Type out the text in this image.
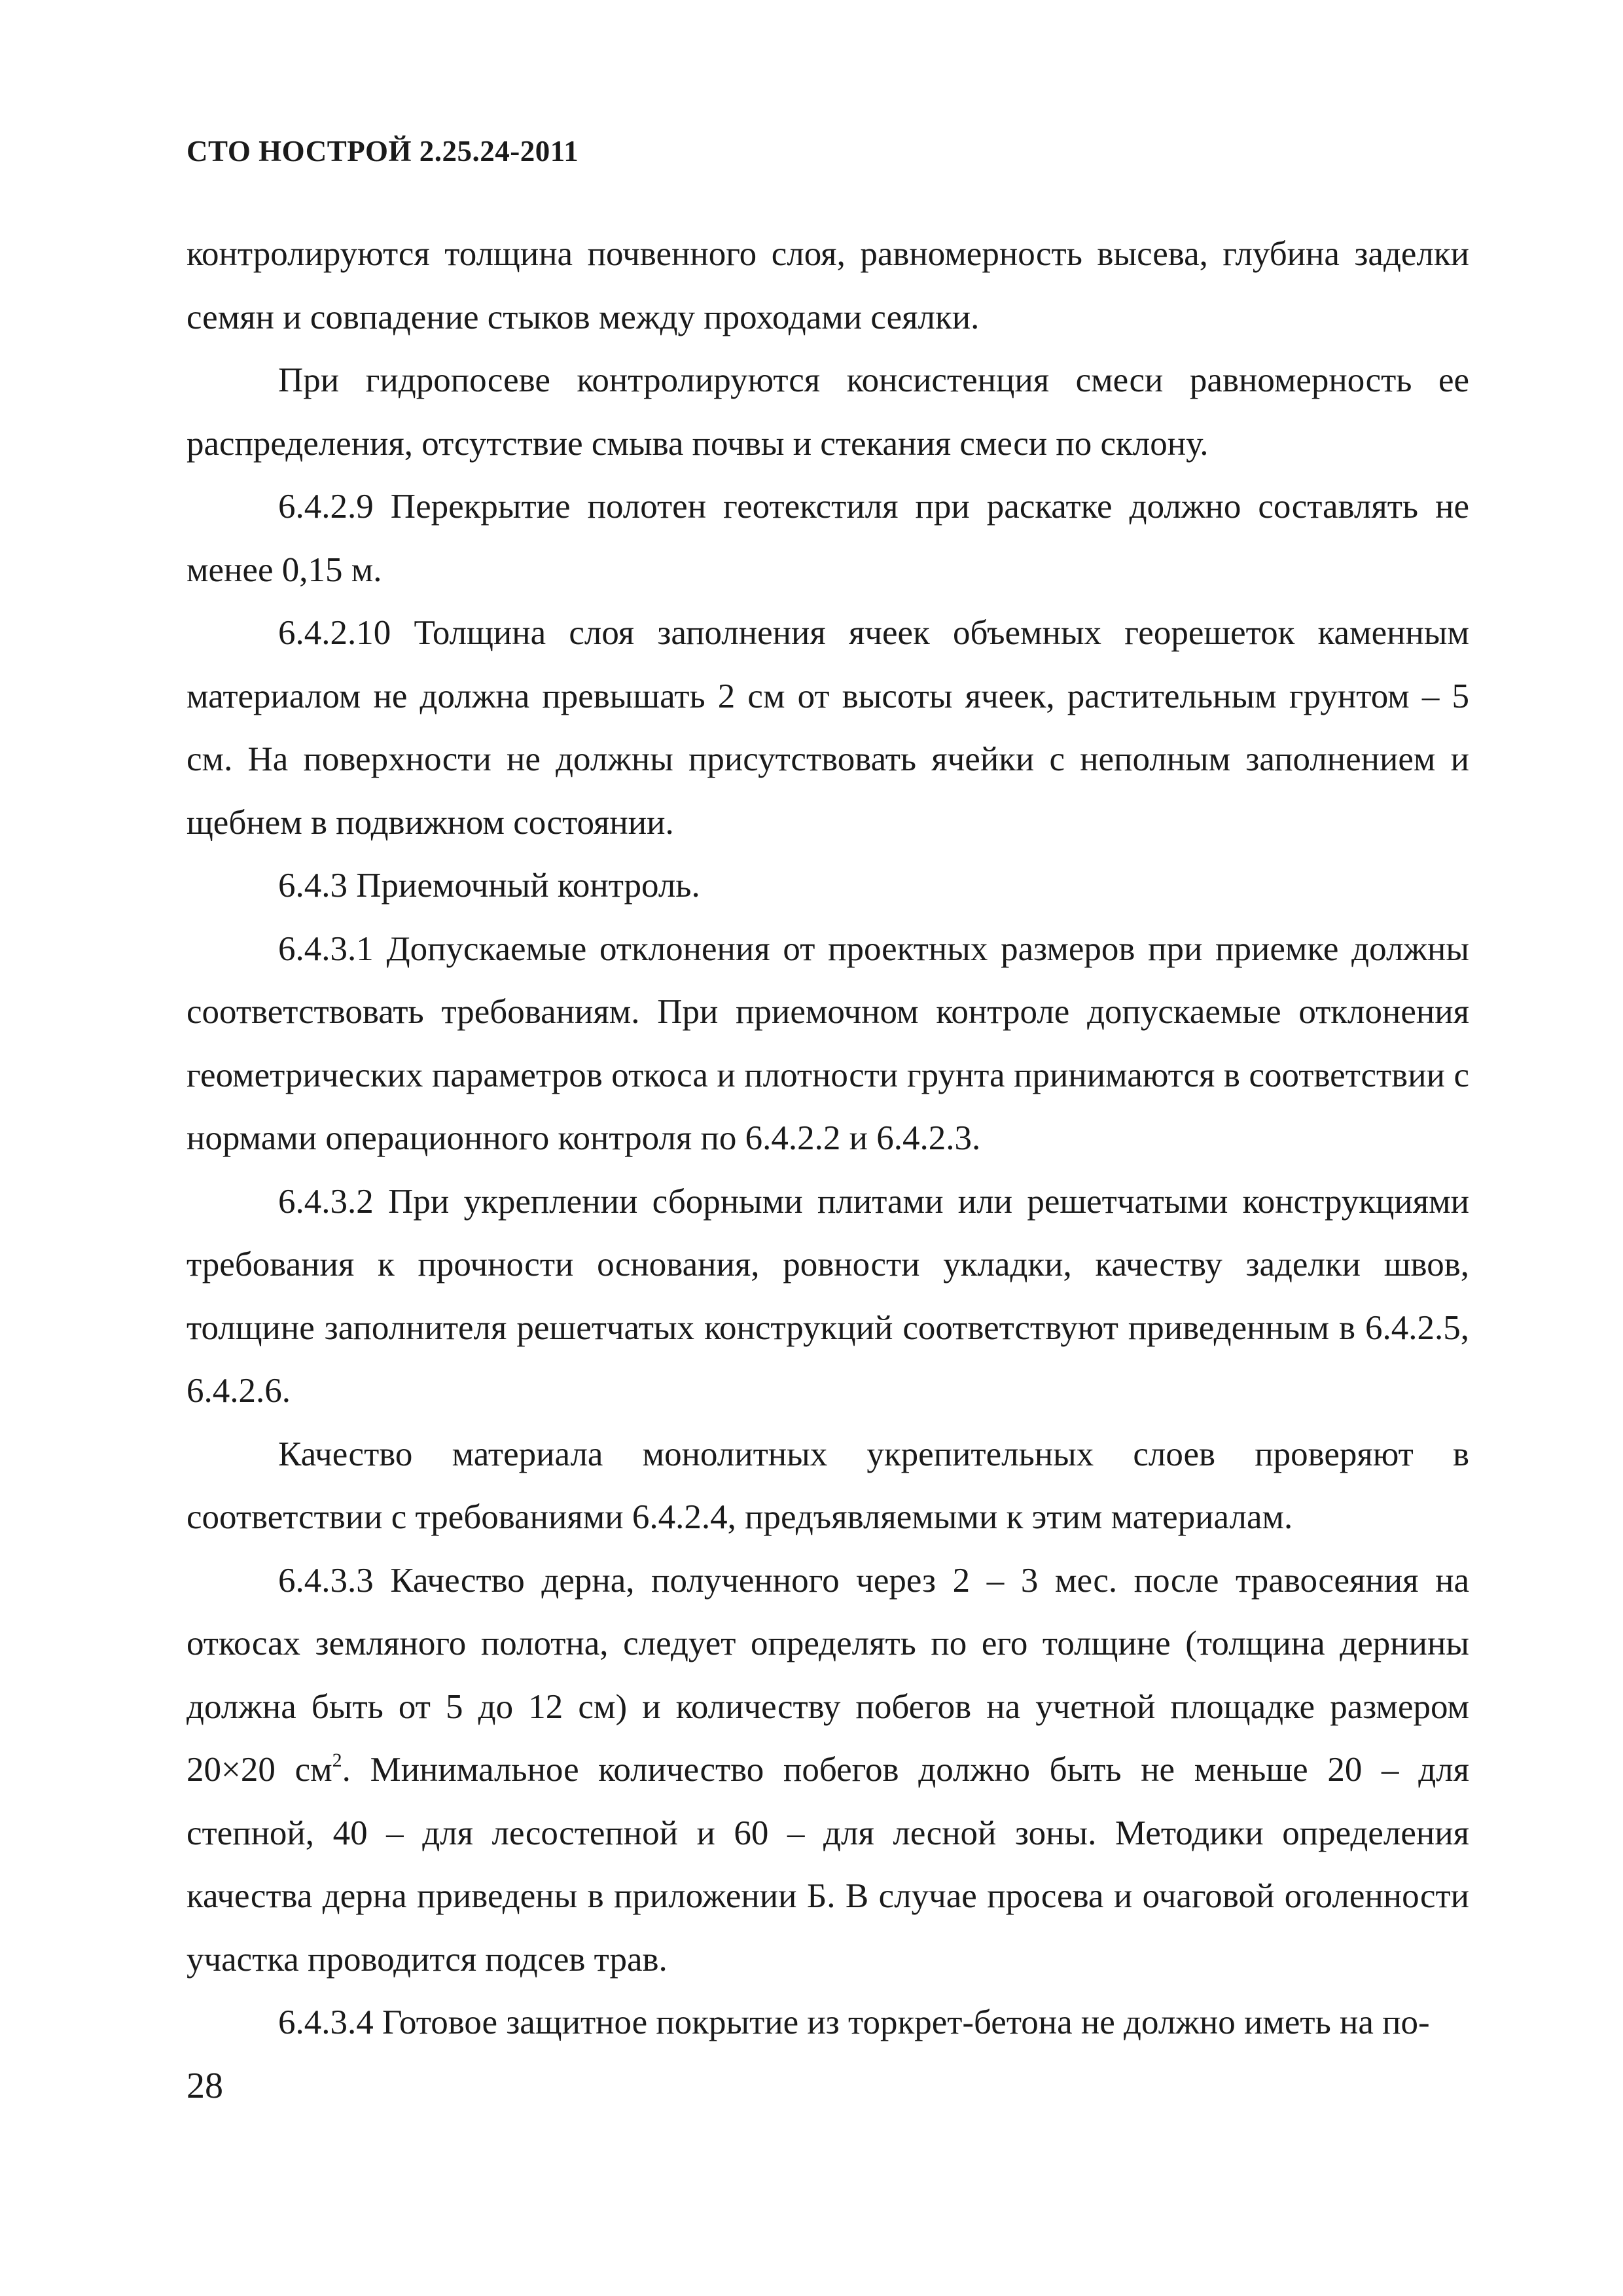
СТО НОСТРОЙ 2.25.24-2011

контролируются толщина почвенного слоя, равномерность высева, глубина заделки семян и совпадение стыков между проходами сеялки.

При гидропосеве контролируются консистенция смеси равномерность ее распределения, отсутствие смыва почвы и стекания смеси по склону.

6.4.2.9 Перекрытие полотен геотекстиля при раскатке должно составлять не менее 0,15 м.

6.4.2.10 Толщина слоя заполнения ячеек объемных георешеток каменным материалом не должна превышать 2 см от высоты ячеек, растительным грунтом – 5 см. На поверхности не должны присутствовать ячейки с неполным заполнением и щебнем в подвижном состоянии.

6.4.3 Приемочный контроль.

6.4.3.1 Допускаемые отклонения от проектных размеров при приемке должны соответствовать требованиям. При приемочном контроле допускаемые отклонения геометрических параметров откоса и плотности грунта принимаются в соответствии с нормами операционного контроля по 6.4.2.2 и 6.4.2.3.

6.4.3.2 При укреплении сборными плитами или решетчатыми конструкциями требования к прочности основания, ровности укладки, качеству заделки швов, толщине заполнителя решетчатых конструкций соответствуют приведенным в 6.4.2.5, 6.4.2.6.

Качество материала монолитных укрепительных слоев проверяют в соответствии с требованиями 6.4.2.4, предъявляемыми к этим материалам.

6.4.3.3 Качество дерна, полученного через 2 – 3 мес. после травосеяния на откосах земляного полотна, следует определять по его толщине (толщина дернины должна быть от 5 до 12 см) и количеству побегов на учетной площадке размером 20×20 $см^2$. Минимальное количество побегов должно быть не меньше 20 – для степной, 40 – для лесостепной и 60 – для лесной зоны. Методики определения качества дерна приведены в приложении Б. В случае просева и очаговой оголенности участка проводится подсев трав.

6.4.3.4 Готовое защитное покрытие из торкрет-бетона не должно иметь на по-

28
